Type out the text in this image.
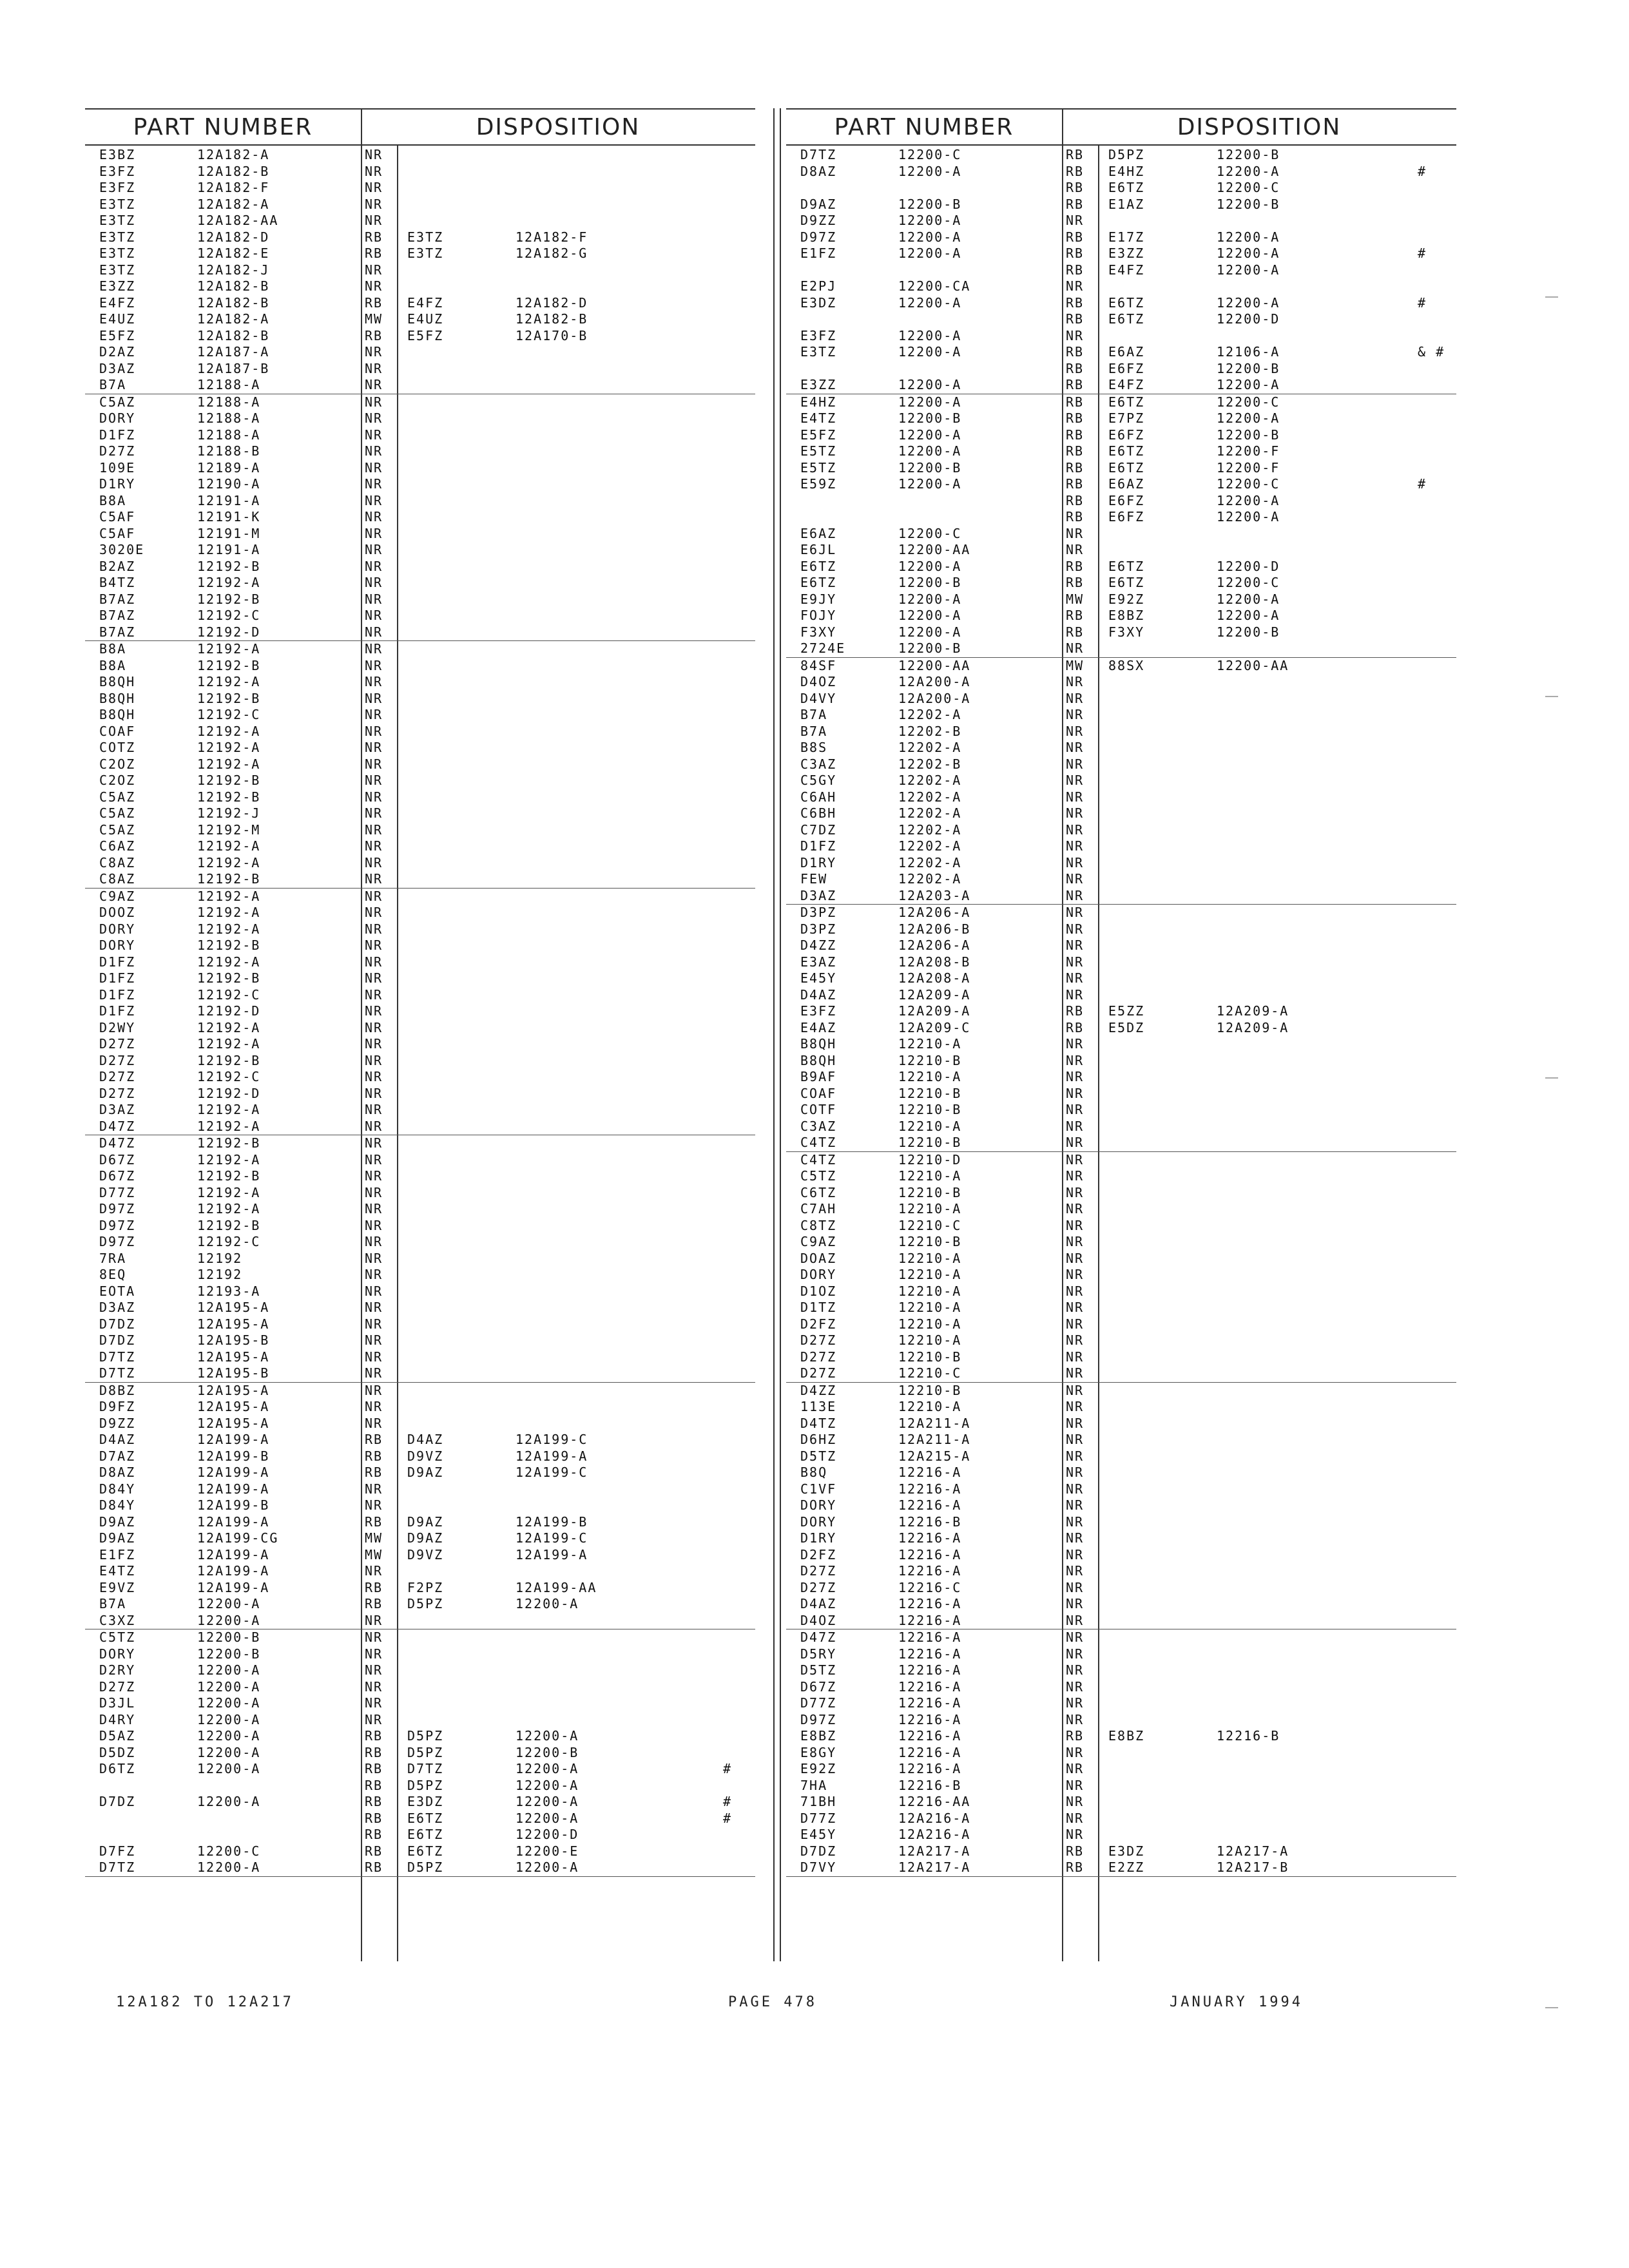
PART NUMBER	DISPOSITION
E3BZ	12A182-A	NR
E3FZ	12A182-B	NR
E3FZ	12A182-F	NR
E3TZ	12A182-A	NR
E3TZ	12A182-AA	NR
E3TZ	12A182-D	RB E3TZ	12A182-F
E3TZ	12A182-E	RB E3TZ	12A182-G
E3TZ	12A182-J	NR
E3ZZ	12A182-B	NR
E4FZ	12A182-B	RB E4FZ	12A182-D
E4UZ	12A182-A	MW E4UZ	12A182-B
E5FZ	12A182-B	RB E5FZ	12A170-B
D2AZ	12A187-A	NR
D3AZ	12A187-B	NR
B7A	12188-A	NR
C5AZ	12188-A	NR
DORY	12188-A	NR
D1FZ	12188-A	NR
D27Z	12188-B	NR
109E	12189-A	NR
D1RY	12190-A	NR
B8A	12191-A	NR
C5AF	12191-K	NR
C5AF	12191-M	NR
3020E	12191-A	NR
B2AZ	12192-B	NR
B4TZ	12192-A	NR
B7AZ	12192-B	NR
B7AZ	12192-C	NR
B7AZ	12192-D	NR
B8A	12192-A	NR
B8A	12192-B	NR
B8QH	12192-A	NR
B8QH	12192-B	NR
B8QH	12192-C	NR
COAF	12192-A	NR
COTZ	12192-A	NR
C2OZ	12192-A	NR
C2OZ	12192-B	NR
C5AZ	12192-B	NR
C5AZ	12192-J	NR
C5AZ	12192-M	NR
C6AZ	12192-A	NR
C8AZ	12192-A	NR
C8AZ	12192-B	NR
C9AZ	12192-A	NR
DOOZ	12192-A	NR
DORY	12192-A	NR
DORY	12192-B	NR
D1FZ	12192-A	NR
D1FZ	12192-B	NR
D1FZ	12192-C	NR
D1FZ	12192-D	NR
D2WY	12192-A	NR
D27Z	12192-A	NR
D27Z	12192-B	NR
D27Z	12192-C	NR
D27Z	12192-D	NR
D3AZ	12192-A	NR
D47Z	12192-A	NR
D47Z	12192-B	NR
D67Z	12192-A	NR
D67Z	12192-B	NR
D77Z	12192-A	NR
D97Z	12192-A	NR
D97Z	12192-B	NR
D97Z	12192-C	NR
7RA	12192	NR
8EQ	12192	NR
EOTA	12193-A	NR
D3AZ	12A195-A	NR
D7DZ	12A195-A	NR
D7DZ	12A195-B	NR
D7TZ	12A195-A	NR
D7TZ	12A195-B	NR
D8BZ	12A195-A	NR
D9FZ	12A195-A	NR
D9ZZ	12A195-A	NR
D4AZ	12A199-A	RB D4AZ	12A199-C
D7AZ	12A199-B	RB D9VZ	12A199-A
D8AZ	12A199-A	RB D9AZ	12A199-C
D84Y	12A199-A	NR
D84Y	12A199-B	NR
D9AZ	12A199-A	RB D9AZ	12A199-B
D9AZ	12A199-CG	MW D9AZ	12A199-C
E1FZ	12A199-A	MW D9VZ	12A199-A
E4TZ	12A199-A	NR
E9VZ	12A199-A	RB F2PZ	12A199-AA
B7A	12200-A	RB D5PZ	12200-A
C3XZ	12200-A	NR
C5TZ	12200-B	NR
DORY	12200-B	NR
D2RY	12200-A	NR
D27Z	12200-A	NR
D3JL	12200-A	NR
D4RY	12200-A	NR
D5AZ	12200-A	RB D5PZ	12200-A
D5DZ	12200-A	RB D5PZ	12200-B
D6TZ	12200-A	RB D7TZ	12200-A	#
RB D5PZ	12200-A
D7DZ	12200-A	RB E3DZ	12200-A	#
RB E6TZ	12200-A	#
RB E6TZ	12200-D
D7FZ	12200-C	RB E6TZ	12200-E
D7TZ	12200-A	RB D5PZ	12200-A
PART NUMBER	DISPOSITION
D7TZ	12200-C	RB D5PZ	12200-B
D8AZ	12200-A	RB E4HZ	12200-A	#
RB E6TZ	12200-C
D9AZ	12200-B	RB E1AZ	12200-B
D9ZZ	12200-A	NR
D97Z	12200-A	RB E17Z	12200-A
E1FZ	12200-A	RB E3ZZ	12200-A	#
RB E4FZ	12200-A
E2PJ	12200-CA	NR
E3DZ	12200-A	RB E6TZ	12200-A	#
RB E6TZ	12200-D
E3FZ	12200-A	NR
E3TZ	12200-A	RB E6AZ	12106-A	& #
RB E6FZ	12200-B
E3ZZ	12200-A	RB E4FZ	12200-A
E4HZ	12200-A	RB E6TZ	12200-C
E4TZ	12200-B	RB E7PZ	12200-A
E5FZ	12200-A	RB E6FZ	12200-B
E5TZ	12200-A	RB E6TZ	12200-F
E5TZ	12200-B	RB E6TZ	12200-F
E59Z	12200-A	RB E6AZ	12200-C	#
RB E6FZ	12200-A
RB E6FZ	12200-A
E6AZ	12200-C	NR
E6JL	12200-AA	NR
E6TZ	12200-A	RB E6TZ	12200-D
E6TZ	12200-B	RB E6TZ	12200-C
E9JY	12200-A	MW E92Z	12200-A
FOJY	12200-A	RB E8BZ	12200-A
F3XY	12200-A	RB F3XY	12200-B
2724E	12200-B	NR
84SF	12200-AA	MW 88SX	12200-AA
D4OZ	12A200-A	NR
D4VY	12A200-A	NR
B7A	12202-A	NR
B7A	12202-B	NR
B8S	12202-A	NR
C3AZ	12202-B	NR
C5GY	12202-A	NR
C6AH	12202-A	NR
C6BH	12202-A	NR
C7DZ	12202-A	NR
D1FZ	12202-A	NR
D1RY	12202-A	NR
FEW	12202-A	NR
D3AZ	12A203-A	NR
D3PZ	12A206-A	NR
D3PZ	12A206-B	NR
D4ZZ	12A206-A	NR
E3AZ	12A208-B	NR
E45Y	12A208-A	NR
D4AZ	12A209-A	NR
E3FZ	12A209-A	RB E5ZZ	12A209-A
E4AZ	12A209-C	RB E5DZ	12A209-A
B8QH	12210-A	NR
B8QH	12210-B	NR
B9AF	12210-A	NR
COAF	12210-B	NR
COTF	12210-B	NR
C3AZ	12210-A	NR
C4TZ	12210-B	NR
C4TZ	12210-D	NR
C5TZ	12210-A	NR
C6TZ	12210-B	NR
C7AH	12210-A	NR
C8TZ	12210-C	NR
C9AZ	12210-B	NR
DOAZ	12210-A	NR
DORY	12210-A	NR
D1OZ	12210-A	NR
D1TZ	12210-A	NR
D2FZ	12210-A	NR
D27Z	12210-A	NR
D27Z	12210-B	NR
D27Z	12210-C	NR
D4ZZ	12210-B	NR
113E	12210-A	NR
D4TZ	12A211-A	NR
D6HZ	12A211-A	NR
D5TZ	12A215-A	NR
B8Q	12216-A	NR
C1VF	12216-A	NR
DORY	12216-A	NR
DORY	12216-B	NR
D1RY	12216-A	NR
D2FZ	12216-A	NR
D27Z	12216-A	NR
D27Z	12216-C	NR
D4AZ	12216-A	NR
D4OZ	12216-A	NR
D47Z	12216-A	NR
D5RY	12216-A	NR
D5TZ	12216-A	NR
D67Z	12216-A	NR
D77Z	12216-A	NR
D97Z	12216-A	NR
E8BZ	12216-A	RB E8BZ	12216-B
E8GY	12216-A	NR
E92Z	12216-A	NR
7HA	12216-B	NR
71BH	12216-AA	NR
D77Z	12A216-A	NR
E45Y	12A216-A	NR
D7DZ	12A217-A	RB E3DZ	12A217-A
D7VY	12A217-A	RB E2ZZ	12A217-B
12A182 TO 12A217	PAGE 478	JANUARY 1994
